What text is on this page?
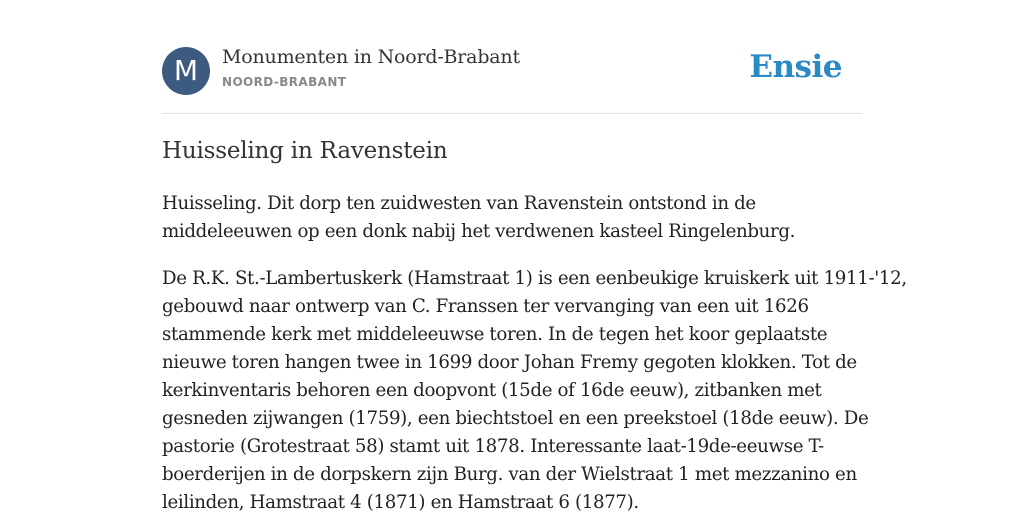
M	Monumenten in Noord-Brabant
NOORD-BRABANT	Ensie
Huisseling in Ravenstein

Huisseling. Dit dorp ten zuidwesten van Ravenstein ontstond in de
middeleeuwen op een donk nabij het verdwenen kasteel Ringelenburg.

De R.K. St.-Lambertuskerk (Hamstraat 1) is een eenbeukige kruiskerk uit 1911-'12,
gebouwd naar ontwerp van C. Franssen ter vervanging van een uit 1626
stammende kerk met middeleeuwse toren. In de tegen het koor geplaatste
nieuwe toren hangen twee in 1699 door Johan Fremy gegoten klokken. Tot de
kerkinventaris behoren een doopvont (15de of 16de eeuw), zitbanken met
gesneden zijwangen (1759), een biechtstoel en een preekstoel (18de eeuw). De
pastorie (Grotestraat 58) stamt uit 1878. Interessante laat-19de-eeuwse T-
boerderijen in de dorpskern zijn Burg. van der Wielstraat 1 met mezzanino en
leilinden, Hamstraat 4 (1871) en Hamstraat 6 (1877).
